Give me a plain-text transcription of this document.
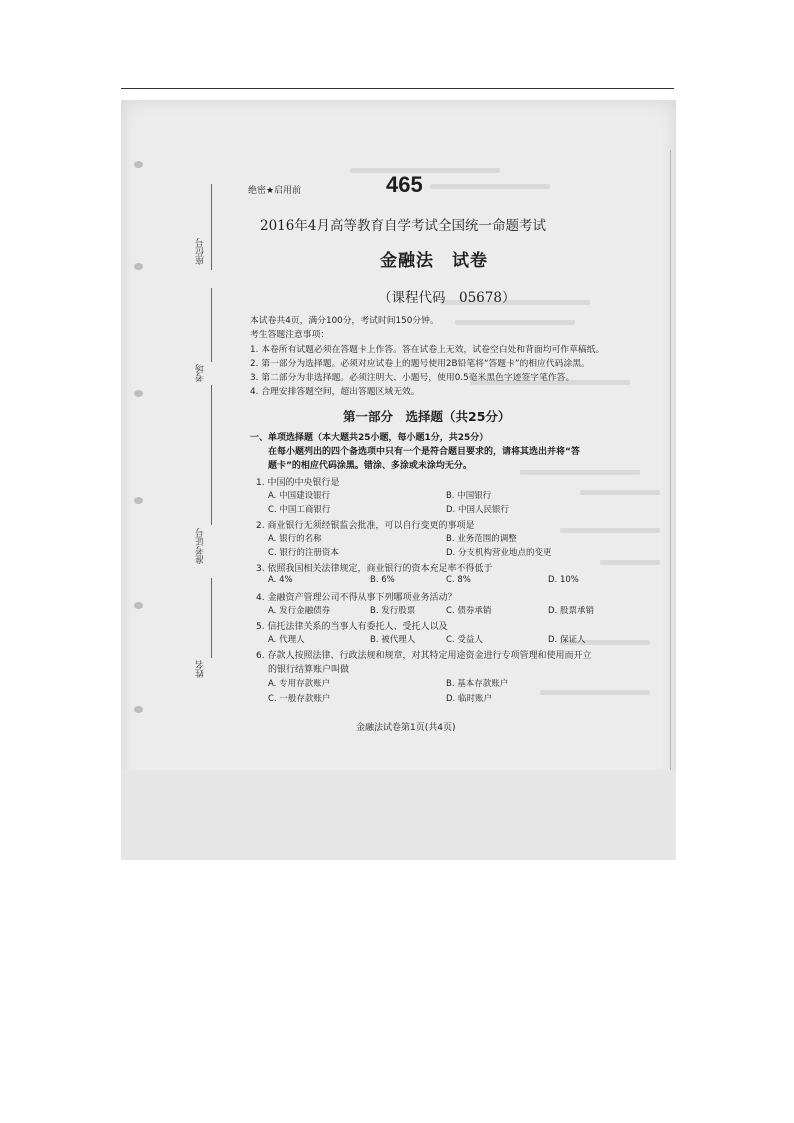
座位号
考场
准考证号
姓名
绝密★启用前	465
2016年4月高等教育自学考试全国统一命题考试
金融法　试卷
（课程代码　05678）
本试卷共4页，满分100分，考试时间150分钟。
考生答题注意事项：
1. 本卷所有试题必须在答题卡上作答。答在试卷上无效，试卷空白处和背面均可作草稿纸。
2. 第一部分为选择题。必须对应试卷上的题号使用2B铅笔将“答题卡”的相应代码涂黑。
3. 第二部分为非选择题。必须注明大、小题号，使用0.5毫米黑色字迹签字笔作答。
4. 合理安排答题空间，超出答题区域无效。
第一部分　选择题（共25分）
一、单项选择题（本大题共25小题，每小题1分，共25分）
在每小题列出的四个备选项中只有一个是符合题目要求的，请将其选出并将“答
题卡”的相应代码涂黑。错涂、多涂或未涂均无分。
1. 中国的中央银行是
A. 中国建设银行	B. 中国银行
C. 中国工商银行	D. 中国人民银行
2. 商业银行无须经银监会批准，可以自行变更的事项是
A. 银行的名称	B. 业务范围的调整
C. 银行的注册资本	D. 分支机构营业地点的变更
3. 依照我国相关法律规定，商业银行的资本充足率不得低于
A. 4%	B. 6%	C. 8%	D. 10%
4. 金融资产管理公司不得从事下列哪项业务活动？
A. 发行金融债券	B. 发行股票	C. 债券承销	D. 股票承销
5. 信托法律关系的当事人有委托人、受托人以及
A. 代理人	B. 被代理人	C. 受益人	D. 保证人
6. 存款人按照法律、行政法规和规章，对其特定用途资金进行专项管理和使用而开立
的银行结算账户叫做
A. 专用存款账户	B. 基本存款账户
C. 一般存款账户	D. 临时账户
金融法试卷第1页(共4页)
